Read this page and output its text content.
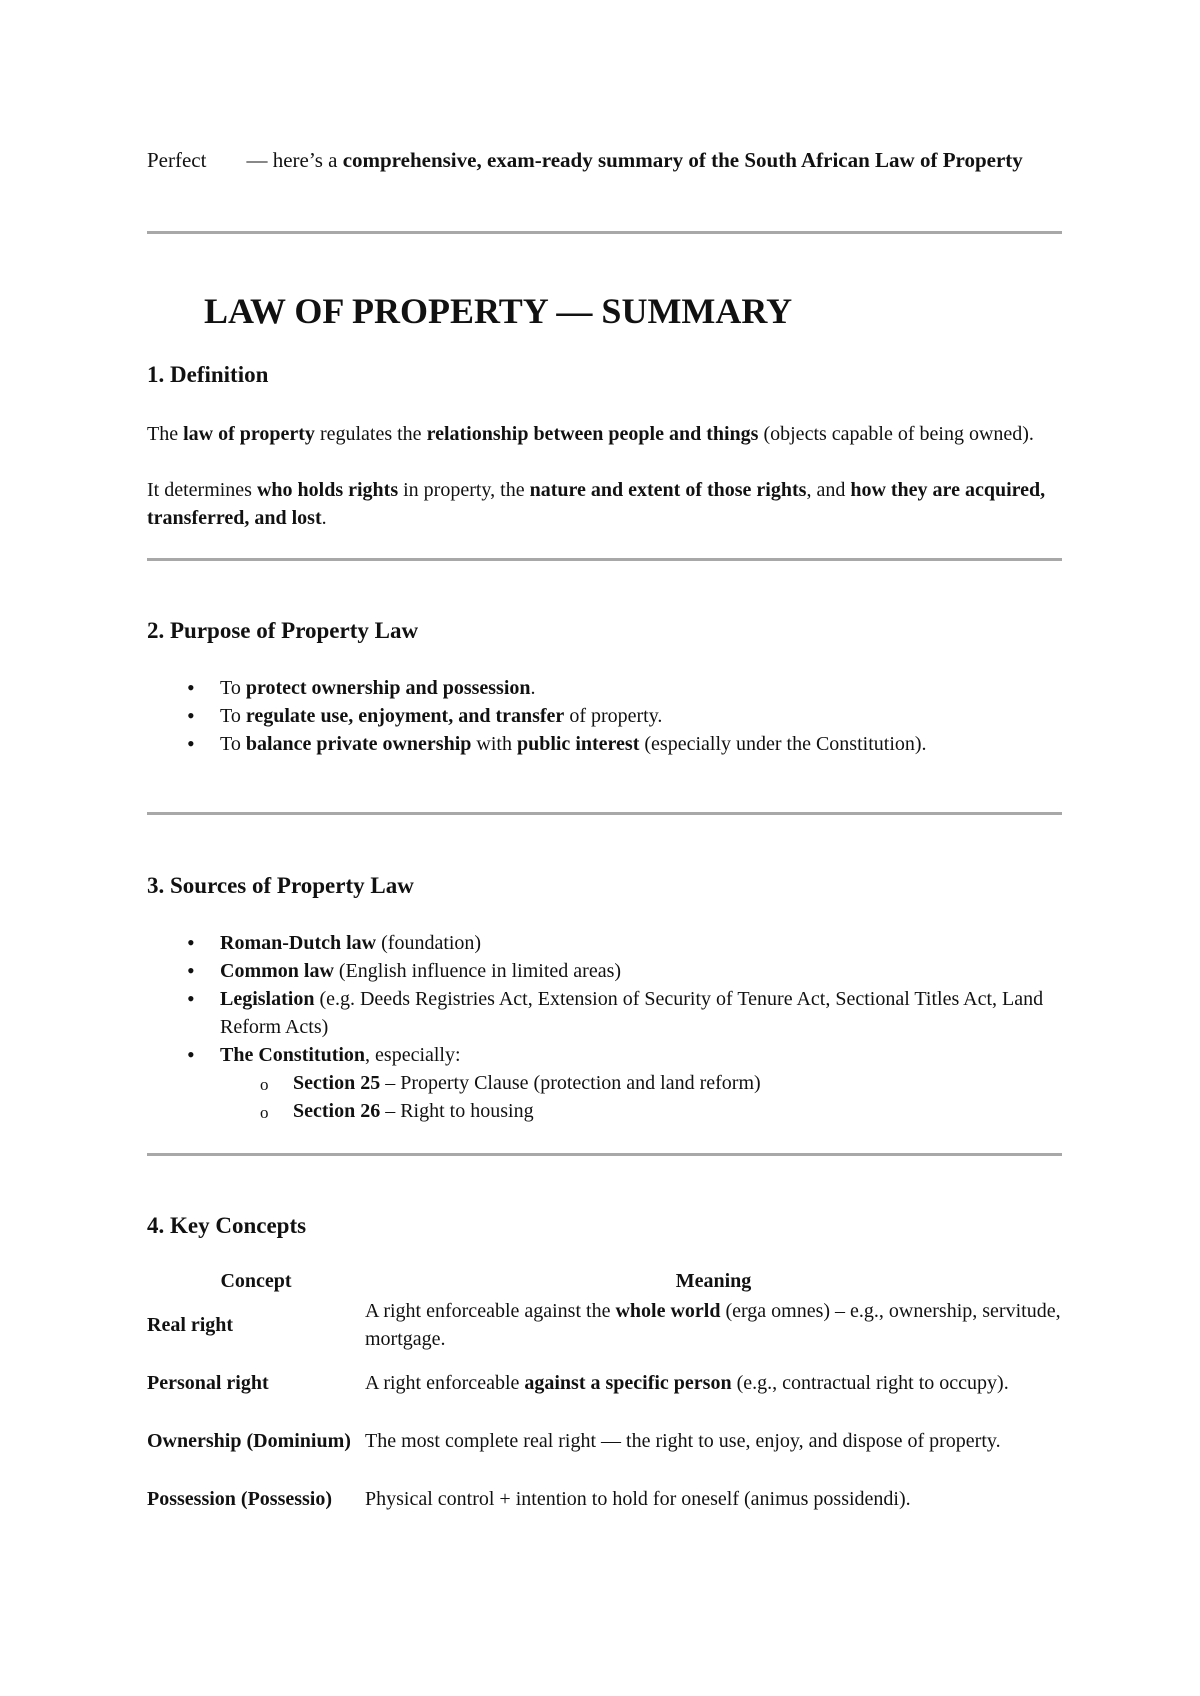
Perfect — here’s a comprehensive, exam-ready summary of the South African Law of Property
LAW OF PROPERTY — SUMMARY
1. Definition

The law of property regulates the relationship between people and things (objects capable of being owned).

It determines who holds rights in property, the nature and extent of those rights, and how they are acquired, transferred, and lost.

2. Purpose of Property Law
• To protect ownership and possession.
• To regulate use, enjoyment, and transfer of property.
• To balance private ownership with public interest (especially under the Constitution).
3. Sources of Property Law
• Roman-Dutch law (foundation)
• Common law (English influence in limited areas)
• Legislation (e.g. Deeds Registries Act, Extension of Security of Tenure Act, Sectional Titles Act, Land Reform Acts)
• The Constitution, especially:
o Section 25 – Property Clause (protection and land reform)
o Section 26 – Right to housing
4. Key Concepts
Concept	Meaning
Real right	A right enforceable against the whole world (erga omnes) – e.g., ownership, servitude, mortgage.
Personal right	A right enforceable against a specific person (e.g., contractual right to occupy).
Ownership (Dominium)	The most complete real right — the right to use, enjoy, and dispose of property.
Possession (Possessio)	Physical control + intention to hold for oneself (animus possidendi).
